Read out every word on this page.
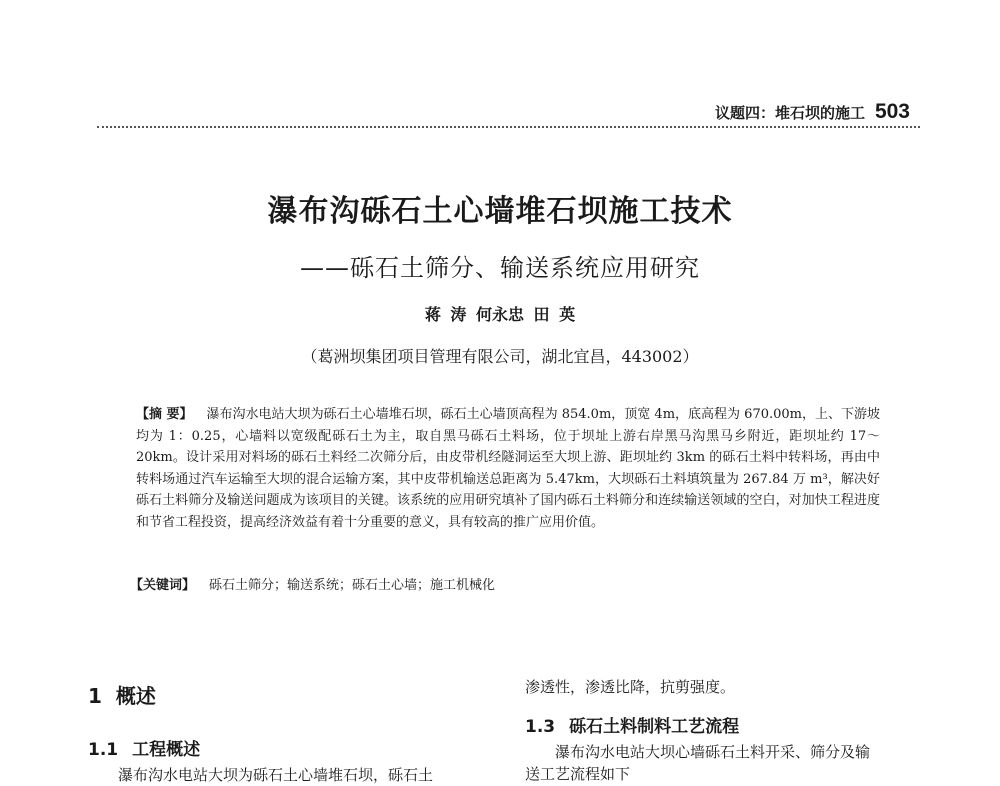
议题四：堆石坝的施工 503
瀑布沟砾石土心墙堆石坝施工技术
——砾石土筛分、输送系统应用研究
蒋 涛 何永忠 田 英
（葛洲坝集团项目管理有限公司，湖北宜昌，443002）

【摘 要】 瀑布沟水电站大坝为砾石土心墙堆石坝，砾石土心墙顶高程为 854.0m，顶宽 4m，底高程为 670.00m，上、下游坡均为 1：0.25，心墙料以宽级配砾石土为主，取自黑马砾石土料场，位于坝址上游右岸黑马沟黑马乡附近，距坝址约 17～20km。设计采用对料场的砾石土料经二次筛分后，由皮带机经隧洞运至大坝上游、距坝址约 3km 的砾石土料中转料场，再由中转料场通过汽车运输至大坝的混合运输方案，其中皮带机输送总距离为 5.47km，大坝砾石土料填筑量为 267.84 万 m³，解决好砾石土料筛分及输送问题成为该项目的关键。该系统的应用研究填补了国内砾石土料筛分和连续输送领域的空白，对加快工程进度和节省工程投资，提高经济效益有着十分重要的意义，具有较高的推广应用价值。

【关键词】 砾石土筛分；输送系统；砾石土心墙；施工机械化

1 概述
1.1 工程概述

瀑布沟水电站大坝为砾石土心墙堆石坝，砾石土

渗透性，渗透比降，抗剪强度。

1.3 砾石土料制料工艺流程

瀑布沟水电站大坝心墙砾石土料开采、筛分及输

送工艺流程如下
